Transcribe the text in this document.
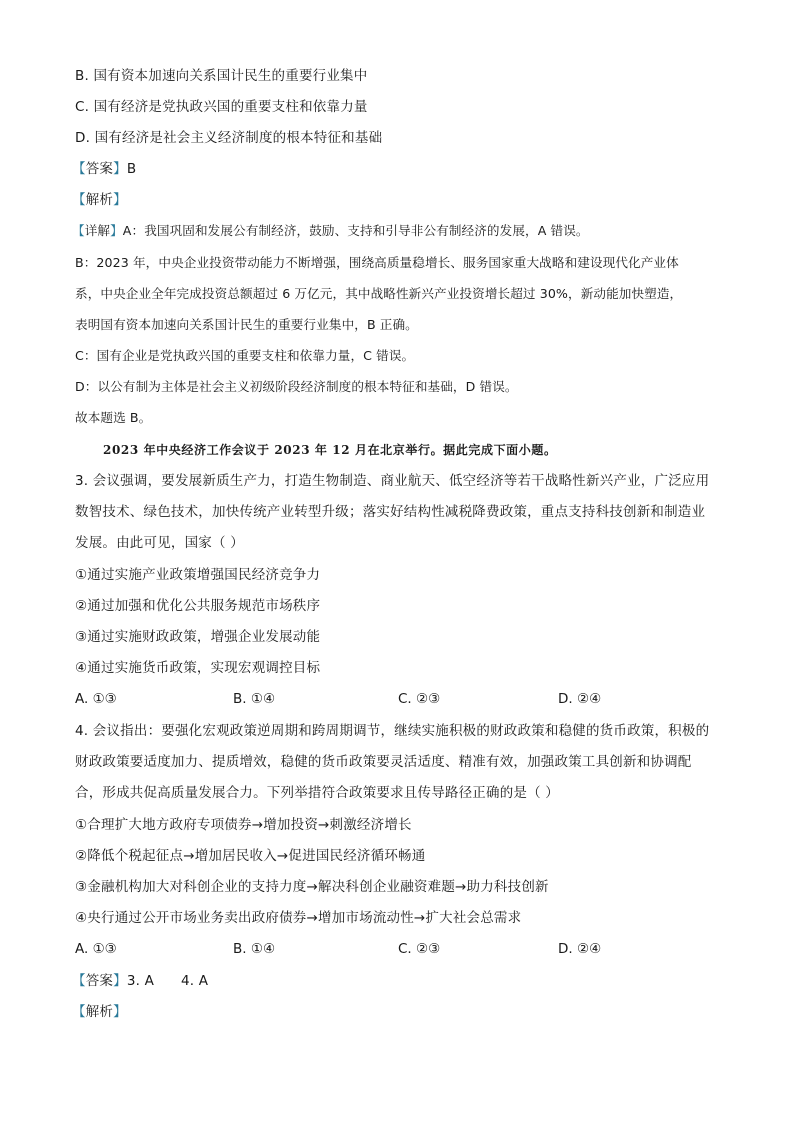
B. 国有资本加速向关系国计民生的重要行业集中
C. 国有经济是党执政兴国的重要支柱和依靠力量
D. 国有经济是社会主义经济制度的根本特征和基础
【答案】B
【解析】
【详解】A：我国巩固和发展公有制经济，鼓励、支持和引导非公有制经济的发展，A 错误。
B：2023 年，中央企业投资带动能力不断增强，围绕高质量稳增长、服务国家重大战略和建设现代化产业体
系，中央企业全年完成投资总额超过 6 万亿元，其中战略性新兴产业投资增长超过 30%，新动能加快塑造，
表明国有资本加速向关系国计民生的重要行业集中，B 正确。
C：国有企业是党执政兴国的重要支柱和依靠力量，C 错误。
D：以公有制为主体是社会主义初级阶段经济制度的根本特征和基础，D 错误。
故本题选 B。
2023 年中央经济工作会议于 2023 年 12 月在北京举行。据此完成下面小题。
3. 会议强调，要发展新质生产力，打造生物制造、商业航天、低空经济等若干战略性新兴产业，广泛应用
数智技术、绿色技术，加快传统产业转型升级；落实好结构性减税降费政策，重点支持科技创新和制造业
发展。由此可见，国家（ ）
①通过实施产业政策增强国民经济竞争力
②通过加强和优化公共服务规范市场秩序
③通过实施财政政策，增强企业发展动能
④通过实施货币政策，实现宏观调控目标
A. ①③	B. ①④	C. ②③	D. ②④
4. 会议指出：要强化宏观政策逆周期和跨周期调节，继续实施积极的财政政策和稳健的货币政策，积极的
财政政策要适度加力、提质增效，稳健的货币政策要灵活适度、精准有效，加强政策工具创新和协调配
合，形成共促高质量发展合力。下列举措符合政策要求且传导路径正确的是（ ）
①合理扩大地方政府专项债券→增加投资→刺激经济增长
②降低个税起征点→增加居民收入→促进国民经济循环畅通
③金融机构加大对科创企业的支持力度→解决科创企业融资难题→助力科技创新
④央行通过公开市场业务卖出政府债券→增加市场流动性→扩大社会总需求
A. ①③	B. ①④	C. ②③	D. ②④
【答案】3. A      4. A
【解析】
